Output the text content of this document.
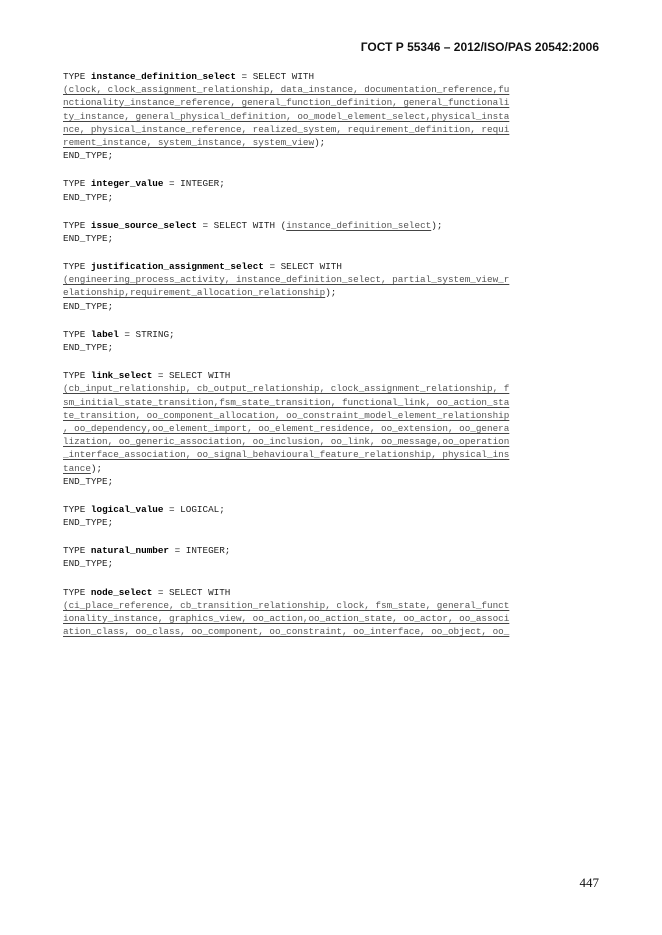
ГОСТ Р 55346 – 2012/ISO/PAS 20542:2006
TYPE instance_definition_select = SELECT WITH
(clock, clock_assignment_relationship, data_instance, documentation_reference,fu
nctionality_instance_reference, general_function_definition, general_functionali
ty_instance, general_physical_definition, oo_model_element_select,physical_insta
nce, physical_instance_reference, realized_system, requirement_definition, requi
rement_instance, system_instance, system_view);
END_TYPE;
TYPE integer_value = INTEGER;
END_TYPE;
TYPE issue_source_select = SELECT WITH (instance_definition_select);
END_TYPE;
TYPE justification_assignment_select = SELECT WITH
(engineering_process_activity, instance_definition_select, partial_system_view_r
elationship,requirement_allocation_relationship);
END_TYPE;
TYPE label = STRING;
END_TYPE;
TYPE link_select = SELECT WITH
(cb_input_relationship, cb_output_relationship, clock_assignment_relationship, f
sm_initial_state_transition,fsm_state_transition, functional_link, oo_action_sta
te_transition, oo_component_allocation, oo_constraint_model_element_relationship
, oo_dependency,oo_element_import, oo_element_residence, oo_extension, oo_genera
lization, oo_generic_association, oo_inclusion, oo_link, oo_message,oo_operation
_interface_association, oo_signal_behavioural_feature_relationship, physical_ins
tance);
END_TYPE;
TYPE logical_value = LOGICAL;
END_TYPE;
TYPE natural_number = INTEGER;
END_TYPE;
TYPE node_select = SELECT WITH
(ci_place_reference, cb_transition_relationship, clock, fsm_state, general_funct
ionality_instance, graphics_view, oo_action,oo_action_state, oo_actor, oo_associ
ation_class, oo_class, oo_component, oo_constraint, oo_interface, oo_object, oo_
447
